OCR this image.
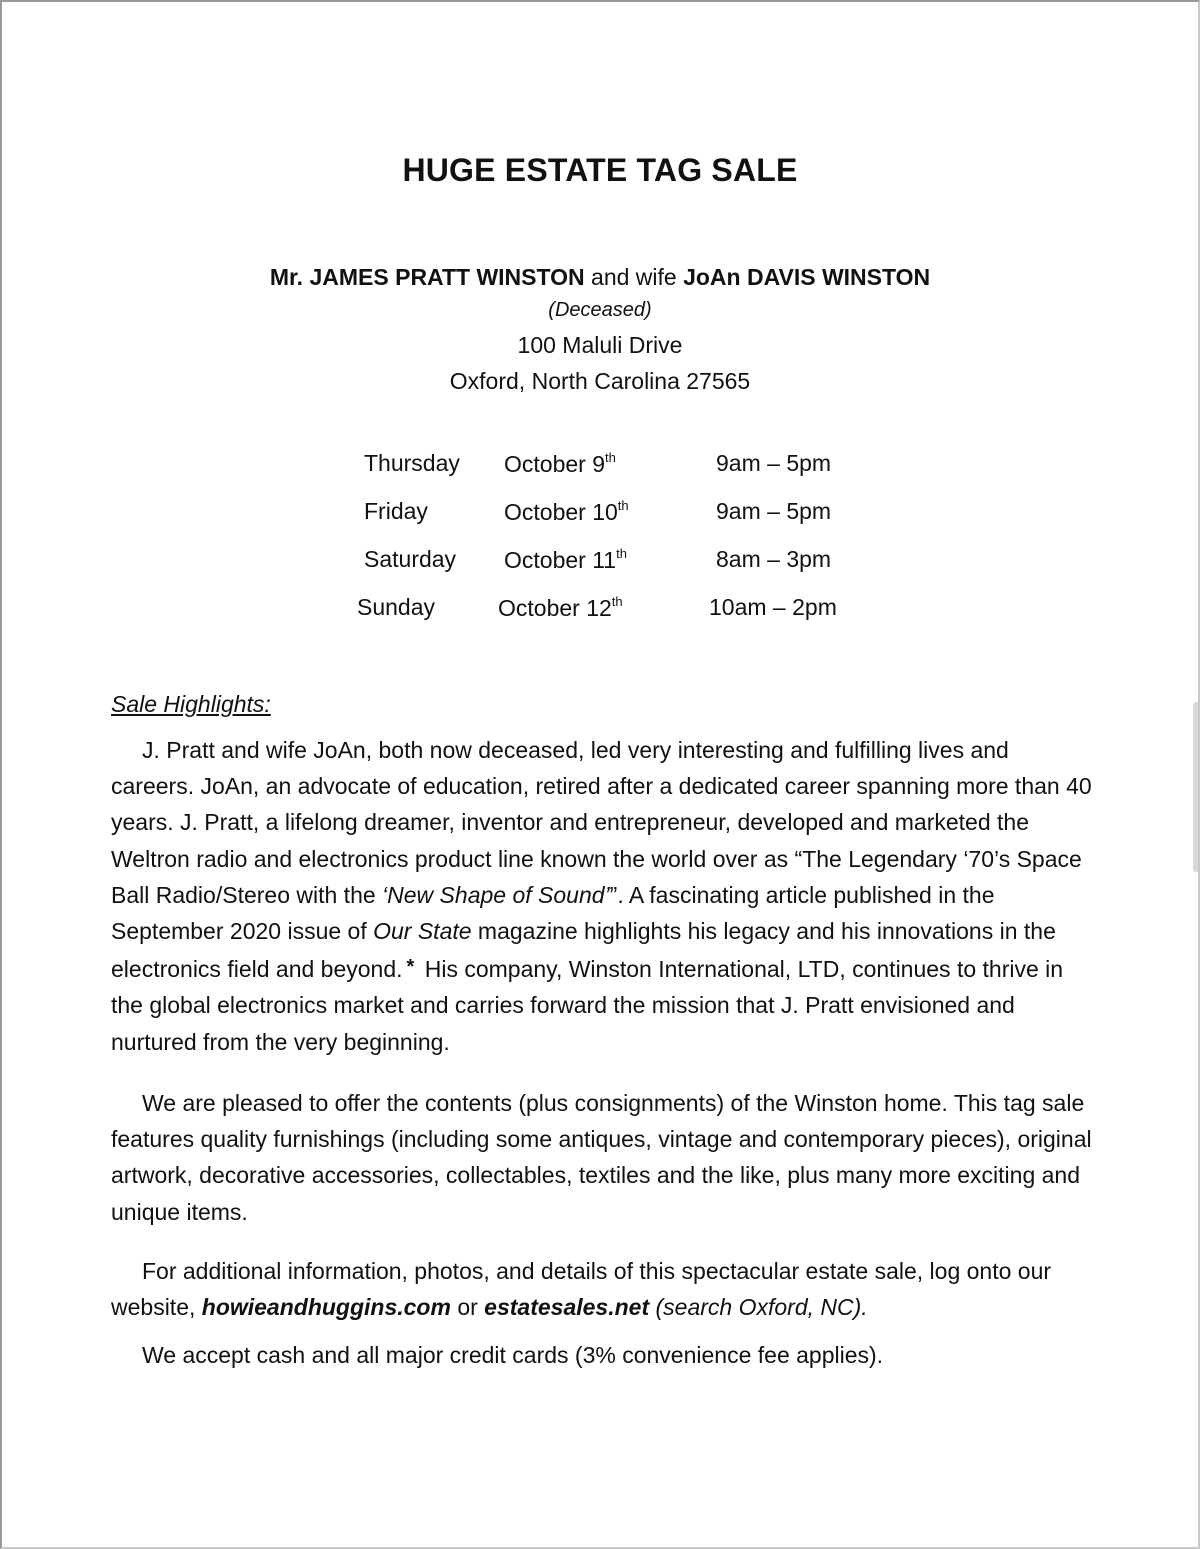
HUGE ESTATE TAG SALE
Mr. JAMES PRATT WINSTON and wife JoAn DAVIS WINSTON
(Deceased)
100 Maluli Drive
Oxford, North Carolina 27565
Thursday October 9th	9am – 5pm
Friday	October 10th	9am – 5pm
Saturday October 11th	8am – 3pm
Sunday	October 12th	10am – 2pm
Sale Highlights:

J. Pratt and wife JoAn, both now deceased, led very interesting and fulfilling lives and careers. JoAn, an advocate of education, retired after a dedicated career spanning more than 40 years. J. Pratt, a lifelong dreamer, inventor and entrepreneur, developed and marketed the Weltron radio and electronics product line known the world over as “The Legendary ‘70’s Space Ball Radio/Stereo with the ‘New Shape of Sound’”. A fascinating article published in the September 2020 issue of Our State magazine highlights his legacy and his innovations in the electronics field and beyond. * His company, Winston International, LTD, continues to thrive in the global electronics market and carries forward the mission that J. Pratt envisioned and nurtured from the very beginning.

We are pleased to offer the contents (plus consignments) of the Winston home. This tag sale features quality furnishings (including some antiques, vintage and contemporary pieces), original artwork, decorative accessories, collectables, textiles and the like, plus many more exciting and unique items.

For additional information, photos, and details of this spectacular estate sale, log onto our website, howieandhuggins.com or estatesales.net (search Oxford, NC).

We accept cash and all major credit cards (3% convenience fee applies).
